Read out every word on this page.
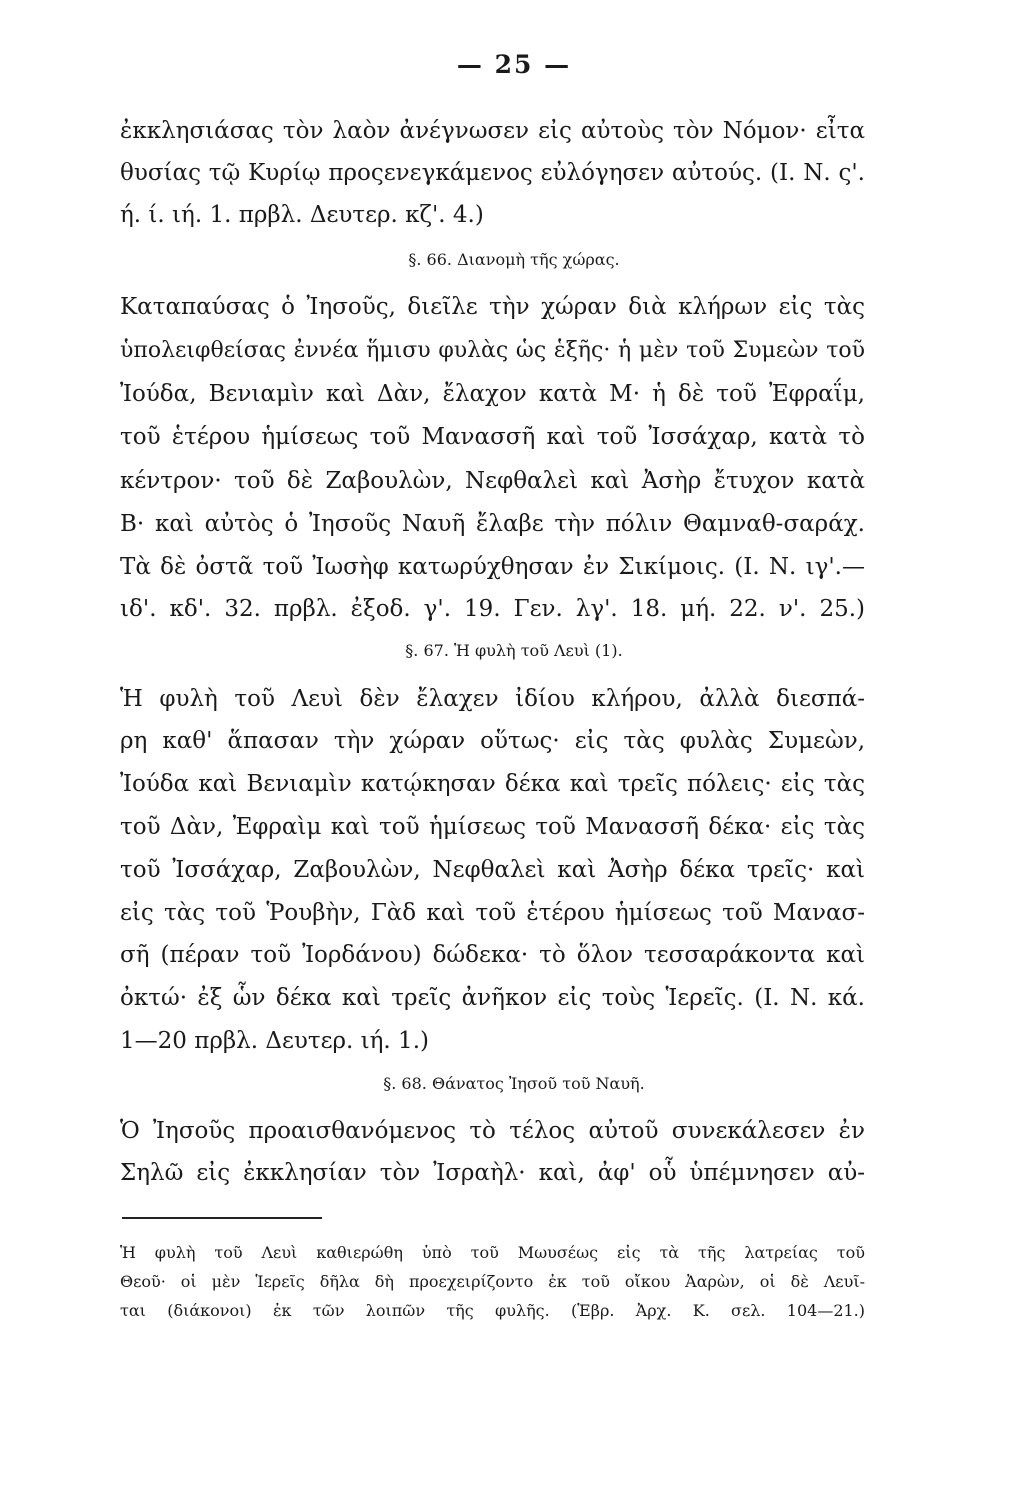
— 25 —
ἐκκλησιάσας τὸν λαὸν ἀνέγνωσεν εἰς αὐτοὺς τὸν Νόμον· εἶτα
θυσίας τῷ Κυρίῳ προςενεγκάμενος εὐλόγησεν αὐτούς. (Ι. Ν. ς'.
ή. ί. ιή. 1. πρβλ. Δευτερ. κζ'. 4.)
§. 66. Διανομὴ τῆς χώρας.
Καταπαύσας ὁ Ἰησοῦς, διεῖλε τὴν χώραν διὰ κλήρων εἰς τὰς
ὑπολειφθείσας ἐννέα ἥμισυ φυλὰς ὡς ἑξῆς· ἡ μὲν τοῦ Συμεὼν τοῦ
Ἰούδα, Βενιαμὶν καὶ Δὰν, ἔλαχον κατὰ Μ· ἡ δὲ τοῦ Ἐφραΐμ,
τοῦ ἑτέρου ἡμίσεως τοῦ Μανασσῆ καὶ τοῦ Ἰσσάχαρ, κατὰ τὸ
κέντρον· τοῦ δὲ Ζαβουλὼν, Νεφθαλεὶ καὶ Ἀσὴρ ἔτυχον κατὰ
Β· καὶ αὐτὸς ὁ Ἰησοῦς Ναυῆ ἔλαβε τὴν πόλιν Θαμναθ-σαράχ.
Τὰ δὲ ὀστᾶ τοῦ Ἰωσὴφ κατωρύχθησαν ἐν Σικίμοις. (Ι. Ν. ιγ'.—
ιδ'. κδ'. 32. πρβλ. ἐξοδ. γ'. 19. Γεν. λγ'. 18. μή. 22. ν'. 25.)
§. 67. Ἡ φυλὴ τοῦ Λευὶ (1).
Ἡ φυλὴ τοῦ Λευὶ δὲν ἔλαχεν ἰδίου κλήρου, ἀλλὰ διεσπά-
ρη καθ' ἅπασαν τὴν χώραν οὕτως· εἰς τὰς φυλὰς Συμεὼν,
Ἰούδα καὶ Βενιαμὶν κατῴκησαν δέκα καὶ τρεῖς πόλεις· εἰς τὰς
τοῦ Δὰν, Ἐφραὶμ καὶ τοῦ ἡμίσεως τοῦ Μανασσῆ δέκα· εἰς τὰς
τοῦ Ἰσσάχαρ, Ζαβουλὼν, Νεφθαλεὶ καὶ Ἀσὴρ δέκα τρεῖς· καὶ
εἰς τὰς τοῦ Ῥουβὴν, Γὰδ καὶ τοῦ ἑτέρου ἡμίσεως τοῦ Μανασ-
σῆ (πέραν τοῦ Ἰορδάνου) δώδεκα· τὸ ὅλον τεσσαράκοντα καὶ
ὀκτώ· ἐξ ὧν δέκα καὶ τρεῖς ἀνῆκον εἰς τοὺς Ἱερεῖς. (Ι. Ν. κά.
1—20 πρβλ. Δευτερ. ιή. 1.)
§. 68. Θάνατος Ἰησοῦ τοῦ Ναυῆ.
Ὁ Ἰησοῦς προαισθανόμενος τὸ τέλος αὐτοῦ συνεκάλεσεν ἐν
Σηλῶ εἰς ἐκκλησίαν τὸν Ἰσραὴλ· καὶ, ἀφ' οὗ ὑπέμνησεν αὐ-
Ἡ φυλὴ τοῦ Λευὶ καθιερώθη ὑπὸ τοῦ Μωυσέως εἰς τὰ τῆς λατρείας τοῦ
Θεοῦ· οἱ μὲν Ἱερεῖς δῆλα δὴ προεχειρίζοντο ἐκ τοῦ οἴκου Ἀαρὼν, οἱ δὲ Λευῖ-
ται (διάκονοι) ἐκ τῶν λοιπῶν τῆς φυλῆς. (Ἑβρ. Ἀρχ. Κ. σελ. 104—21.)
